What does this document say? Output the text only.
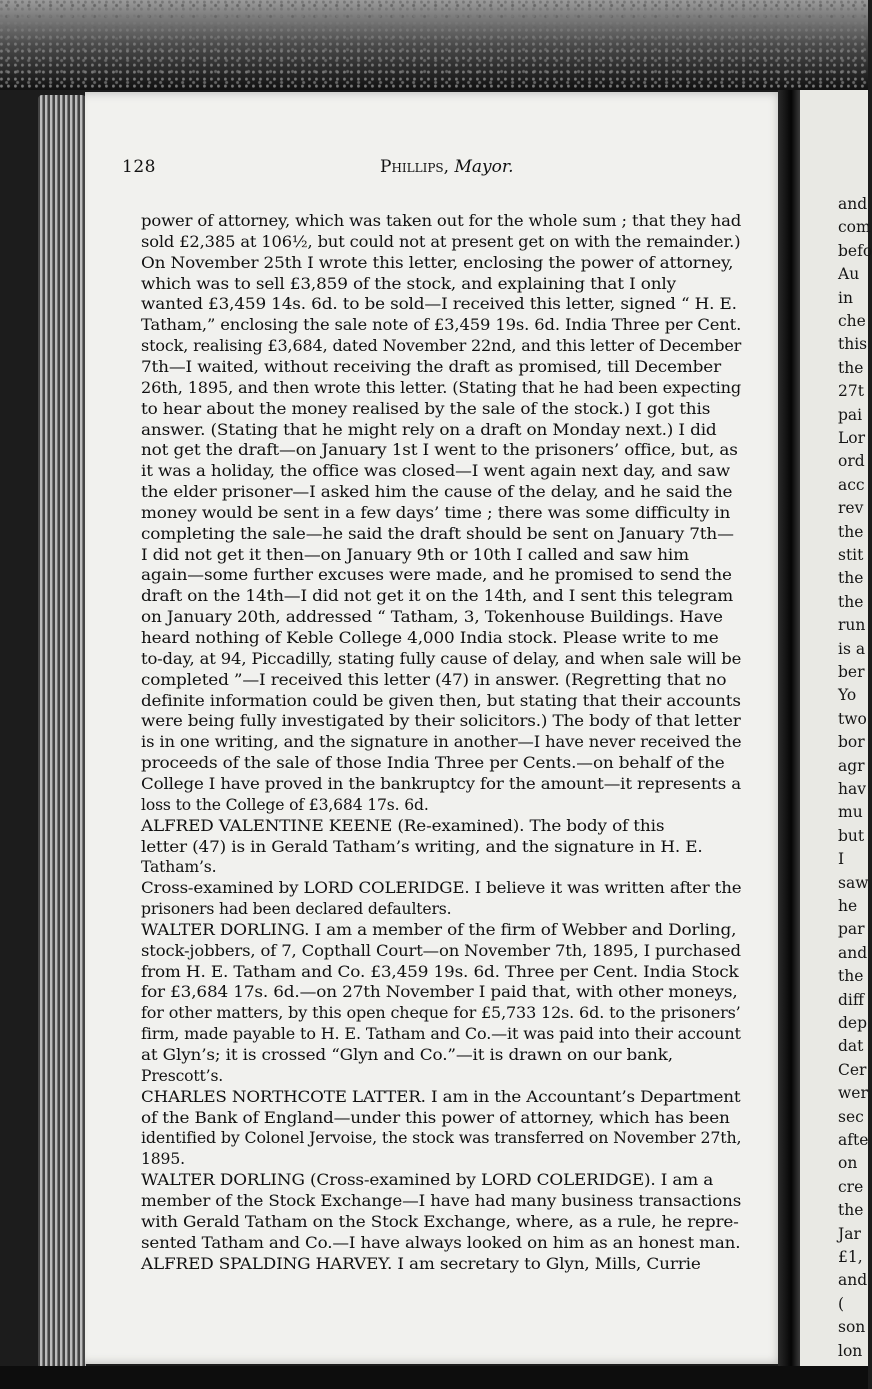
and
com
befo
Au
in
che
this
the
27t
pai
Lor
ord
acc
rev
the
stit
the
the
run
is a
ber
Yo
two
bor
agr
hav
mu
but
I
saw
he
par
and
the
diff
dep
dat
Cer
wer
sec
afte
on
cre
the
Jar
£1,
and
(
son
lon
128	Phillips, Mayor.
power of attorney, which was taken out for the whole sum ; that they had
sold £2,385 at 106½, but could not at present get on with the remainder.)
On November 25th I wrote this letter, enclosing the power of attorney,
which was to sell £3,859 of the stock, and explaining that I only
wanted £3,459 14s. 6d. to be sold—I received this letter, signed “ H. E.
Tatham,” enclosing the sale note of £3,459 19s. 6d. India Three per Cent.
stock, realising £3,684, dated November 22nd, and this letter of December
7th—I waited, without receiving the draft as promised, till December
26th, 1895, and then wrote this letter. (Stating that he had been expecting
to hear about the money realised by the sale of the stock.) I got this
answer. (Stating that he might rely on a draft on Monday next.) I did
not get the draft—on January 1st I went to the prisoners’ office, but, as
it was a holiday, the office was closed—I went again next day, and saw
the elder prisoner—I asked him the cause of the delay, and he said the
money would be sent in a few days’ time ; there was some difficulty in
completing the sale—he said the draft should be sent on January 7th—
I did not get it then—on January 9th or 10th I called and saw him
again—some further excuses were made, and he promised to send the
draft on the 14th—I did not get it on the 14th, and I sent this telegram
on January 20th, addressed “ Tatham, 3, Tokenhouse Buildings. Have
heard nothing of Keble College 4,000 India stock. Please write to me
to-day, at 94, Piccadilly, stating fully cause of delay, and when sale will be
completed ”—I received this letter (47) in answer. (Regretting that no
definite information could be given then, but stating that their accounts
were being fully investigated by their solicitors.) The body of that letter
is in one writing, and the signature in another—I have never received the
proceeds of the sale of those India Three per Cents.—on behalf of the
College I have proved in the bankruptcy for the amount—it represents a
loss to the College of £3,684 17s. 6d.
ALFRED VALENTINE KEENE (Re-examined). The body of this
letter (47) is in Gerald Tatham’s writing, and the signature in H. E.
Tatham’s.
Cross-examined by LORD COLERIDGE. I believe it was written after the
prisoners had been declared defaulters.
WALTER DORLING. I am a member of the firm of Webber and Dorling,
stock-jobbers, of 7, Copthall Court—on November 7th, 1895, I purchased
from H. E. Tatham and Co. £3,459 19s. 6d. Three per Cent. India Stock
for £3,684 17s. 6d.—on 27th November I paid that, with other moneys,
for other matters, by this open cheque for £5,733 12s. 6d. to the prisoners’
firm, made payable to H. E. Tatham and Co.—it was paid into their account
at Glyn’s; it is crossed “Glyn and Co.”—it is drawn on our bank,
Prescott’s.
CHARLES NORTHCOTE LATTER. I am in the Accountant’s Department
of the Bank of England—under this power of attorney, which has been
identified by Colonel Jervoise, the stock was transferred on November 27th,
1895.
WALTER DORLING (Cross-examined by LORD COLERIDGE). I am a
member of the Stock Exchange—I have had many business transactions
with Gerald Tatham on the Stock Exchange, where, as a rule, he repre-
sented Tatham and Co.—I have always looked on him as an honest man.
ALFRED SPALDING HARVEY. I am secretary to Glyn, Mills, Currie
